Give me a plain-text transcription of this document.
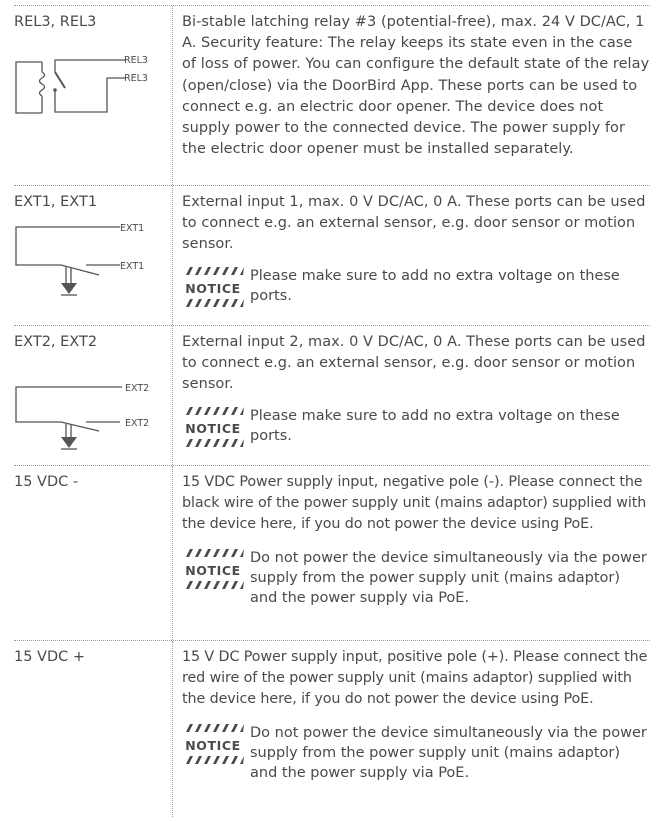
REL3, REL3
REL3
REL3

Bi-stable latching relay #3 (potential-free), max. 24 V DC/AC, 1 A. Security feature: The relay keeps its state even in the case of loss of power. You can configure the default state of the relay (open/close) via the DoorBird App. These ports can be used to connect e.g. an electric door opener. The device does not supply power to the connected device. The power supply for the electric door opener must be installed separately.

EXT1, EXT1
EXT1
EXT1

External input 1, max. 0 V DC/AC, 0 A. These ports can be used to connect e.g. an external sensor, e.g. door sensor or motion sensor.

NOTICE
Please make sure to add no extra voltage on these ports.
EXT2, EXT2
EXT2
EXT2

External input 2, max. 0 V DC/AC, 0 A. These ports can be used to connect e.g. an external sensor, e.g. door sensor or motion sensor.

NOTICE
Please make sure to add no extra voltage on these ports.
15 VDC -	15 VDC Power supply input, negative pole (-). Please connect the black wire of the power supply unit (mains adaptor) supplied with the device here, if you do not power the device using PoE.

NOTICE
Do not power the device simultaneously via the power supply from the power supply unit (mains adaptor) and the power supply via PoE.
15 VDC +	15 V DC Power supply input, positive pole (+). Please connect the red wire of the power supply unit (mains adaptor) supplied with the device here, if you do not power the device using PoE.

NOTICE
Do not power the device simultaneously via the power supply from the power supply unit (mains adaptor) and the power supply via PoE.
